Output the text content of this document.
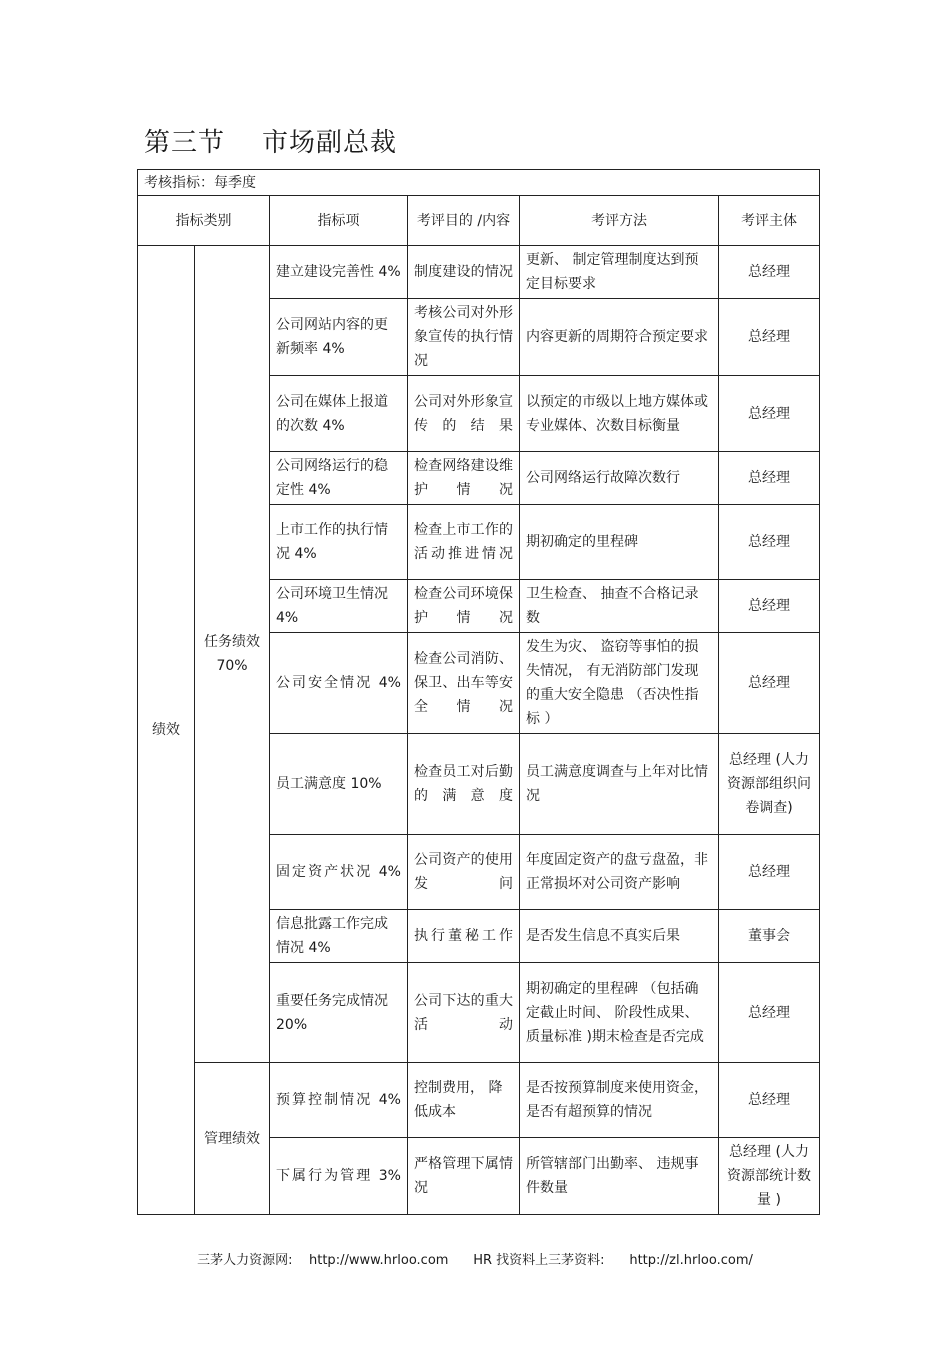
第三节    市场副总裁
考核指标：每季度					
指标类别		指标项	考评目的 /内容	考评方法	考评主体
绩效	任务绩效 70%	建立建设完善性 4%	制度建设的情况	更新、 制定管理制度达到预定目标要求	总经理
		公司网站内容的更新频率 4%	考核公司对外形象宣传的执行情况	内容更新的周期符合预定要求	总经理
		公司在媒体上报道的次数 4%	公司对外形象宣传的结果	以预定的市级以上地方媒体或专业媒体、次数目标衡量	总经理
		公司网络运行的稳定性 4%	检查网络建设维护情况	公司网络运行故障次数行	总经理
		上市工作的执行情况 4%	检查上市工作的活动推进情况	期初确定的里程碑	总经理
		公司环境卫生情况 4%	检查公司环境保护情况	卫生检查、 抽查不合格记录数	总经理
		公司安全情况 4%	检查公司消防、保卫、出车等安全情况	发生为灾、 盗窃等事怕的损失情况， 有无消防部门发现的重大安全隐患 （否决性指标 ）	总经理
		员工满意度 10%	检查员工对后勤的满意度	员工满意度调查与上年对比情况	总经理 (人力资源部组织问卷调查)
		固定资产状况 4%	公司资产的使用发问	年度固定资产的盘亏盘盈，非正常损坏对公司资产影响	总经理
		信息批露工作完成情况 4%	执行董秘工作	是否发生信息不真实后果	董事会
		重要任务完成情况 20%	公司下达的重大活动	期初确定的里程碑 （包括确定截止时间、 阶段性成果、质量标准 )期末检查是否完成	总经理
	管理绩效	预算控制情况 4%	控制费用， 降低成本	是否按预算制度来使用资金， 是否有超预算的情况	总经理
		下属行为管理 3%	严格管理下属情况	所管辖部门出勤率、 违规事件数量	总经理 (人力资源部统计数量 )
三茅人力资源网:    http://www.hrloo.com      HR 找资料上三茅资料:      http://zl.hrloo.com/
